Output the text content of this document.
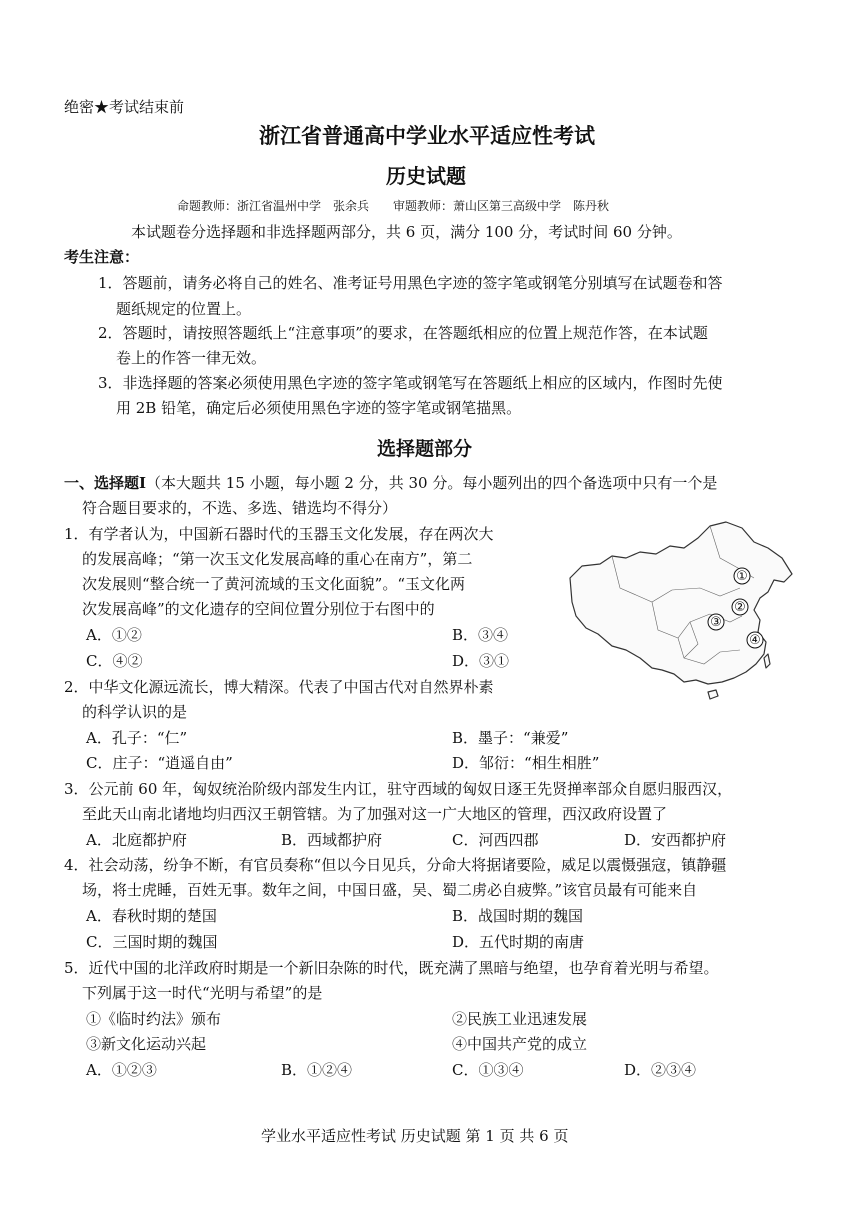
绝密★考试结束前
浙江省普通高中学业水平适应性考试
历史试题
命题教师：浙江省温州中学　张余兵　　审题教师：萧山区第三高级中学　陈丹秋
本试题卷分选择题和非选择题两部分，共 6 页，满分 100 分，考试时间 60 分钟。
考生注意：
1．答题前，请务必将自己的姓名、准考证号用黑色字迹的签字笔或钢笔分别填写在试题卷和答
题纸规定的位置上。
2．答题时，请按照答题纸上“注意事项”的要求，在答题纸相应的位置上规范作答，在本试题
卷上的作答一律无效。
3．非选择题的答案必须使用黑色字迹的签字笔或钢笔写在答题纸上相应的区域内，作图时先使
用 2B 铅笔，确定后必须使用黑色字迹的签字笔或钢笔描黑。
选择题部分
一、选择题Ⅰ（本大题共 15 小题，每小题 2 分，共 30 分。每小题列出的四个备选项中只有一个是
符合题目要求的，不选、多选、错选均不得分）
1．有学者认为，中国新石器时代的玉器玉文化发展，存在两次大
的发展高峰；“第一次玉文化发展高峰的重心在南方”，第二
次发展则“整合统一了黄河流域的玉文化面貌”。“玉文化两
次发展高峰”的文化遗存的空间位置分别位于右图中的
A．①②	B．③④
C．④②	D．③①
①
②
③
④
2．中华文化源远流长，博大精深。代表了中国古代对自然界朴素
的科学认识的是
A．孔子：“仁”	B．墨子：“兼爱”
C．庄子：“逍遥自由”	D．邹衍：“相生相胜”
3．公元前 60 年，匈奴统治阶级内部发生内讧，驻守西域的匈奴日逐王先贤掸率部众自愿归服西汉，
至此天山南北诸地均归西汉王朝管辖。为了加强对这一广大地区的管理，西汉政府设置了
A．北庭都护府	B．西域都护府	C．河西四郡	D．安西都护府
4．社会动荡，纷争不断，有官员奏称“但以今日见兵，分命大将据诸要险，威足以震慑强寇，镇静疆
场，将士虎睡，百姓无事。数年之间，中国日盛，吴、蜀二虏必自疲弊。”该官员最有可能来自
A．春秋时期的楚国	B．战国时期的魏国
C．三国时期的魏国	D．五代时期的南唐
5．近代中国的北洋政府时期是一个新旧杂陈的时代，既充满了黑暗与绝望，也孕育着光明与希望。
下列属于这一时代“光明与希望”的是
①《临时约法》颁布	②民族工业迅速发展
③新文化运动兴起	④中国共产党的成立
A．①②③	B．①②④	C．①③④	D．②③④
学业水平适应性考试 历史试题 第 1 页 共 6 页
